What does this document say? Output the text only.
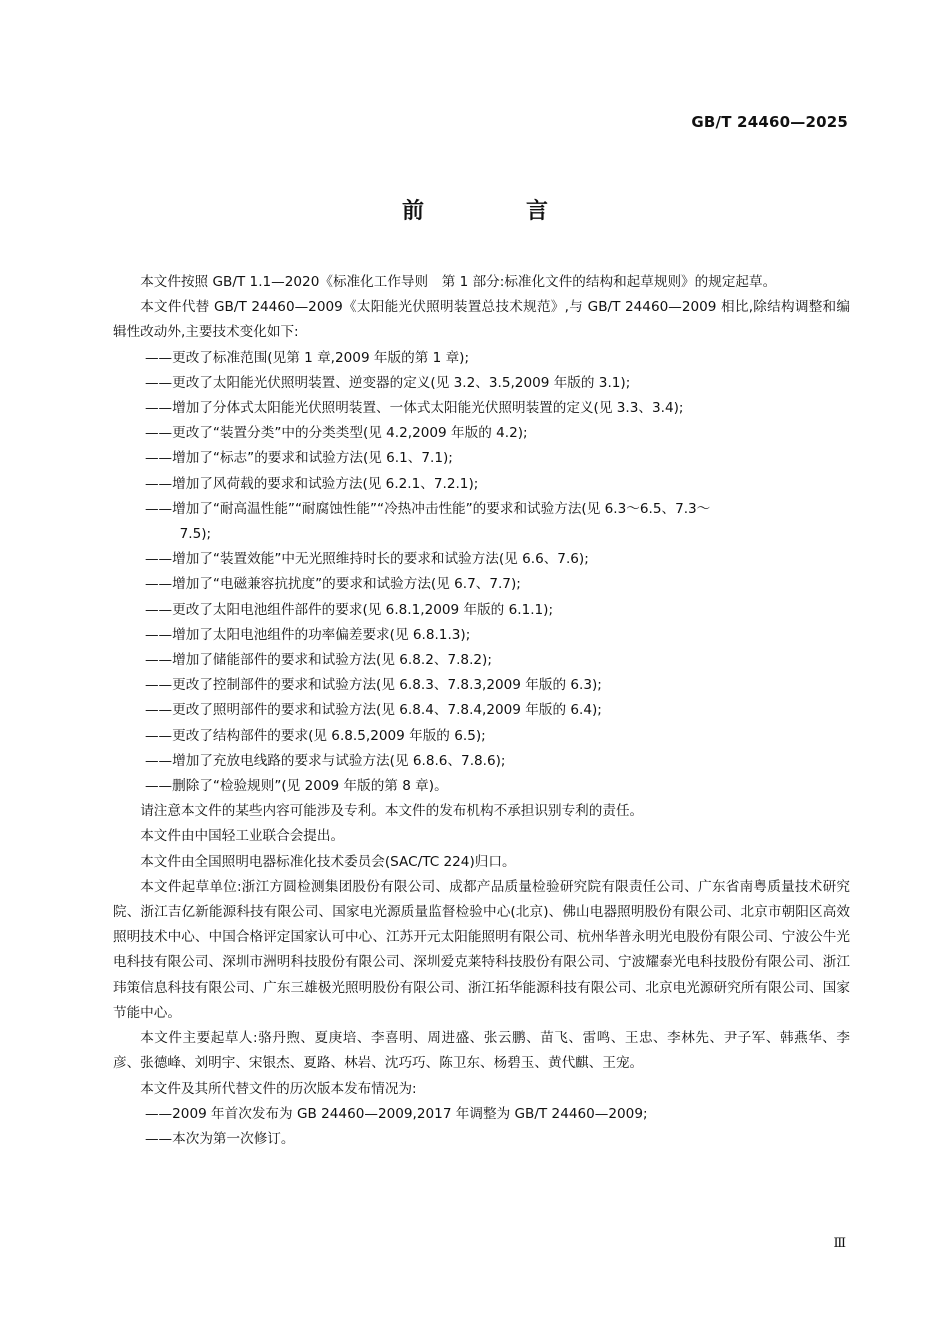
GB/T 24460—2025
前　言

本文件按照 GB/T 1.1—2020《标准化工作导则　第 1 部分:标准化文件的结构和起草规则》的规定起草。

本文件代替 GB/T 24460—2009《太阳能光伏照明装置总技术规范》,与 GB/T 24460—2009 相比,除结构调整和编辑性改动外,主要技术变化如下:

——更改了标准范围(见第 1 章,2009 年版的第 1 章);

——更改了太阳能光伏照明装置、逆变器的定义(见 3.2、3.5,2009 年版的 3.1);

——增加了分体式太阳能光伏照明装置、一体式太阳能光伏照明装置的定义(见 3.3、3.4);

——更改了“装置分类”中的分类类型(见 4.2,2009 年版的 4.2);

——增加了“标志”的要求和试验方法(见 6.1、7.1);

——增加了风荷载的要求和试验方法(见 6.2.1、7.2.1);

——增加了“耐高温性能”“耐腐蚀性能”“冷热冲击性能”的要求和试验方法(见 6.3～6.5、7.3～

7.5);

——增加了“装置效能”中无光照维持时长的要求和试验方法(见 6.6、7.6);

——增加了“电磁兼容抗扰度”的要求和试验方法(见 6.7、7.7);

——更改了太阳电池组件部件的要求(见 6.8.1,2009 年版的 6.1.1);

——增加了太阳电池组件的功率偏差要求(见 6.8.1.3);

——增加了储能部件的要求和试验方法(见 6.8.2、7.8.2);

——更改了控制部件的要求和试验方法(见 6.8.3、7.8.3,2009 年版的 6.3);

——更改了照明部件的要求和试验方法(见 6.8.4、7.8.4,2009 年版的 6.4);

——更改了结构部件的要求(见 6.8.5,2009 年版的 6.5);

——增加了充放电线路的要求与试验方法(见 6.8.6、7.8.6);

——删除了“检验规则”(见 2009 年版的第 8 章)。

请注意本文件的某些内容可能涉及专利。本文件的发布机构不承担识别专利的责任。

本文件由中国轻工业联合会提出。

本文件由全国照明电器标准化技术委员会(SAC/TC 224)归口。

本文件起草单位:浙江方圆检测集团股份有限公司、成都产品质量检验研究院有限责任公司、广东省南粤质量技术研究院、浙江吉亿新能源科技有限公司、国家电光源质量监督检验中心(北京)、佛山电器照明股份有限公司、北京市朝阳区高效照明技术中心、中国合格评定国家认可中心、江苏开元太阳能照明有限公司、杭州华普永明光电股份有限公司、宁波公牛光电科技有限公司、深圳市洲明科技股份有限公司、深圳爱克莱特科技股份有限公司、宁波耀泰光电科技股份有限公司、浙江玮策信息科技有限公司、广东三雄极光照明股份有限公司、浙江拓华能源科技有限公司、北京电光源研究所有限公司、国家节能中心。

本文件主要起草人:骆丹煦、夏庚培、李喜明、周进盛、张云鹏、苗飞、雷鸣、王忠、李林先、尹子军、韩燕华、李彦、张德峰、刘明宇、宋银杰、夏路、林岩、沈巧巧、陈卫东、杨碧玉、黄代麒、王宠。

本文件及其所代替文件的历次版本发布情况为:

——2009 年首次发布为 GB 24460—2009,2017 年调整为 GB/T 24460—2009;

——本次为第一次修订。

Ⅲ
